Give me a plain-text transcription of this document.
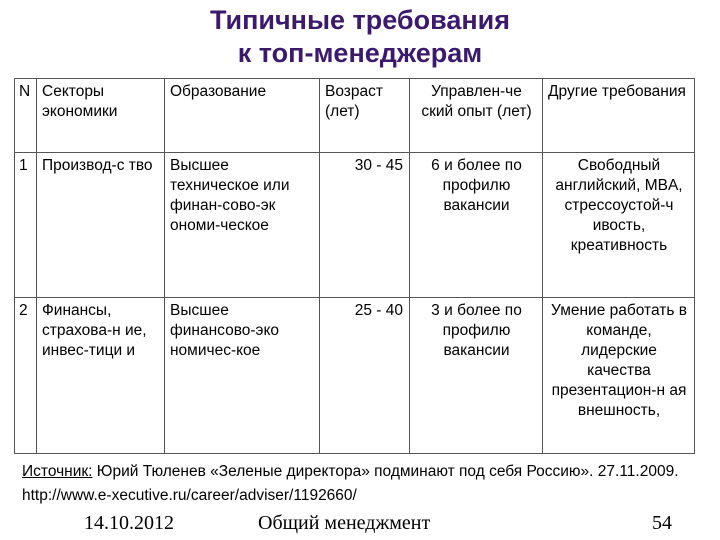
Типичные требования
к топ-менеджерам
N	Секторы экономики	Образование	Возраст (лет)	Управлен-че ский опыт (лет)	Другие требования
1	Производ-с тво	Высшее техническое или финан-сово-эк ономи-ческое	30 - 45	6 и более по профилю вакансии	Свободный английский, MBA, стрессоустой-ч ивость, креативность
2	Финансы, страхова-н ие, инвес-тици и	Высшее финансово-эко номичес-кое	25 - 40	3 и более по профилю вакансии	Умение работать в команде, лидерские качества презентацион-н ая внешность,
Источник: Юрий Тюленев «Зеленые директора» подминают под себя Россию». 27.11.2009. http://www.e-xecutive.ru/career/adviser/1192660/
14.10.2012	Общий менеджмент	54
